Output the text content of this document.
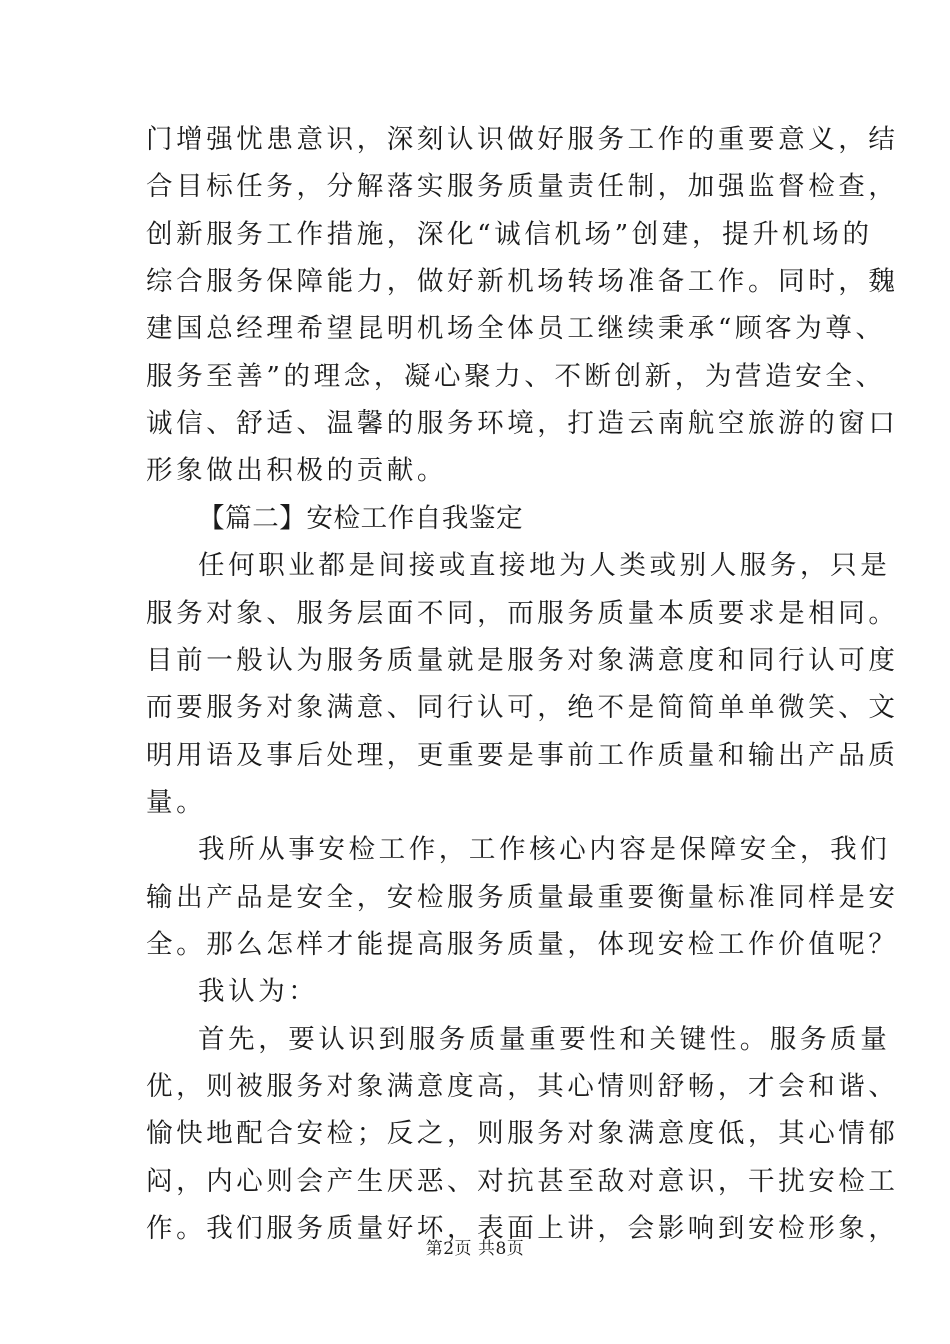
门增强忧患意识，深刻认识做好服务工作的重要意义，结
合目标任务，分解落实服务质量责任制，加强监督检查，
创新服务工作措施，深化“诚信机场”创建，提升机场的
综合服务保障能力，做好新机场转场准备工作。同时，魏
建国总经理希望昆明机场全体员工继续秉承“顾客为尊、
服务至善”的理念，凝心聚力、不断创新，为营造安全、
诚信、舒适、温馨的服务环境，打造云南航空旅游的窗口
形象做出积极的贡献。
【篇二】安检工作自我鉴定
任何职业都是间接或直接地为人类或别人服务，只是
服务对象、服务层面不同，而服务质量本质要求是相同。
目前一般认为服务质量就是服务对象满意度和同行认可度
而要服务对象满意、同行认可，绝不是简简单单微笑、文
明用语及事后处理，更重要是事前工作质量和输出产品质
量。
我所从事安检工作，工作核心内容是保障安全，我们
输出产品是安全，安检服务质量最重要衡量标准同样是安
全。那么怎样才能提高服务质量，体现安检工作价值呢？
我认为：
首先，要认识到服务质量重要性和关键性。服务质量
优，则被服务对象满意度高，其心情则舒畅，才会和谐、
愉快地配合安检；反之，则服务对象满意度低，其心情郁
闷，内心则会产生厌恶、对抗甚至敌对意识，干扰安检工
作。我们服务质量好坏，表面上讲，会影响到安检形象，
第2页 共8页
